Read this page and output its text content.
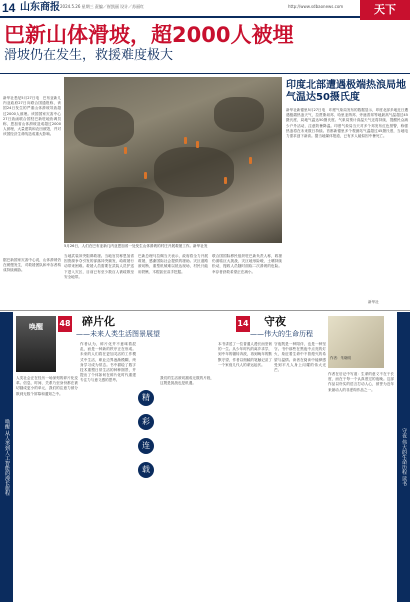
14 山东商报 2024.5.26 星期三 责编／崔凯丽 设计／苏丽红	http://www.sdbaonews.com	天下
巴新山体滑坡，超2000人被埋
滑坡仍在发生，救援难度极大
新华社悉尼5月27日电　巴布亚新几内亚政府27日向联合国通报称，该国24日发生的严重山体滑坡导致超过2000人被埋。该国国家灾害中心27日致函联合国驻巴新驻地协调员称，恩加省山体滑坡造成超过2000人被埋，大量建筑和农田被毁，并对该国经济生命线造成重大影响。
5月26日，人们在巴布亚新几内亚恩加省一处发生山体滑坡的村庄开展救援工作。新华社发
据巴新国家灾害中心说，山体滑坡仍在缓慢发生，对救援团队和幸存者构成持续威胁。
当地武装冲突阻碍救援。当地官员称恩加省因资源争夺引发的部落冲突频发，给救援行动带来困难。救援人员需要在武装人员护送下进入灾区，目前已有至少数百人被疏散至安全地带。
巴新总理马拉佩当天表示，政府将全力开展救援，感谢国际社会提供的援助。灾区道路被切断，重型机械难以抵达现场，村民只能用铁锹、木棍甚至双手挖掘。
联合国国际移民组织驻巴新负责人称，救援仍面临巨大挑战，灾区地形险峻，土壤持续松动，搜救人员随时面临二次滑坡的危险。幸存者获救希望正在减小。
印度北部遭遇极端热浪局地气温达50摄氏度
新华社新德里5月27日电　印度气象局发布的数据显示，印度北部多地近日遭遇极端热浪天气，拉贾斯坦邦、哈里亚纳邦、旁遮普邦等地最高气温超过45摄氏度，局地气温达50摄氏度。气象局预计高温天气还将持续，提醒民众减少户外活动，注意防暑降温。印度气象局当天对多个邦发布红色预警，称强热浪将在未来数日持续。首都新德里多个观测站气温超过45摄氏度，当地电力需求创下新高。据当地媒体报道，已有多人疑似因中暑死亡。
新华社
唤醒 从人类到人工智能的漫长旅程	守夜 伟大的生命历程 读书
唤醒
作者：朱晓明
48 碎片化
——未来人类生活图景展望
14 守夜
——伟大的生命历程
人类社会正在经历一场深刻的碎片化变革。信息、时间、关系乃至身份都在被切割成更小的单元，我们的注意力被分散到无数个屏幕和通知之中。
作者认为，碎片化并不意味着混乱，而是一种新的秩序正在形成。未来的人们将在更加灵活的工作模式中生活，职业边界逐渐模糊，终身学习成为常态。书中描绘了数字技术重塑日常生活的种种图景，并提出了个体如何在碎片化时代重建专注力与意义感的思考。
我们的生活被切割成无数的片段，这既是挑战也是机遇。
本书讲述了一位普通人漫长而坚韧的一生。从少年时代的离乡求学，到中年的辗转奔波，再到晚年的默默守望，作者以细腻的笔触记录了一个家庭几代人的命运起伏。
守夜既是一种陪伴，也是一种坚守。书中那些在黑夜中点亮的灯火，象征着生命中不曾熄灭的希望与温情。读者在阅读中能够感受到平凡人身上闪耀的伟大光芒。
作者在后记中写道：生命的意义不在于长度，而在于每一个认真度过的夜晚。这部作品以朴实的语言打动人心，被誉为近年来最动人的非虚构作品之一。
精
彩
连
载
